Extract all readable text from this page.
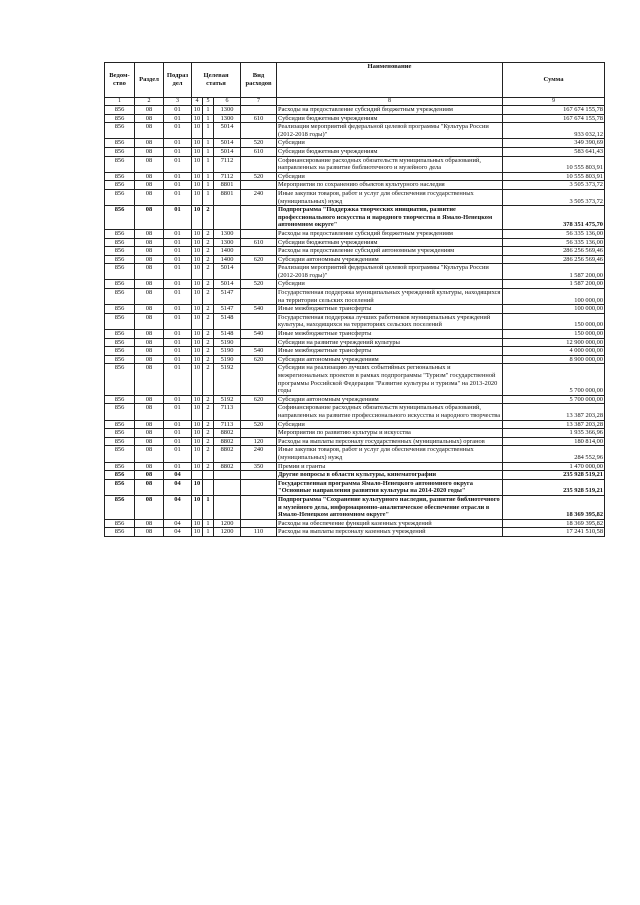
Ведом-ство	Раздел	Подраз дел	Целевая статья			Вид расходов	Наименование	Сумма
1	2	3	4	5	6	7	8	9
856	08	01	10	1	1300		Расходы на предоставление субсидий бюджетным учреждениям	167 674 155,78
856	08	01	10	1	1300	610	Субсидии бюджетным учреждениям	167 674 155,78
856	08	01	10	1	5014		Реализация мероприятий федеральной целевой программы "Культура России (2012-2018 годы)"	933 032,12
856	08	01	10	1	5014	520	Субсидии	349 390,69
856	08	01	10	1	5014	610	Субсидии бюджетным учреждениям	583 641,43
856	08	01	10	1	7112		Софинансирование расходных обязательств муниципальных образований, направленных на развитие библиотечного и музейного дела	10 555 803,91
856	08	01	10	1	7112	520	Субсидии	10 555 803,91
856	08	01	10	1	8801		Мероприятия по сохранению объектов культурного наследия	3 505 373,72
856	08	01	10	1	8801	240	Иные закупки товаров, работ и услуг для обеспечения государственных (муниципальных) нужд	3 505 373,72
856	08	01	10	2			Подпрограмма "Поддержка творческих инициатив, развитие профессионального искусства и народного творчества в Ямало-Ненецком автономном округе"	378 351 475,70
856	08	01	10	2	1300		Расходы на предоставление субсидий бюджетным учреждениям	56 335 136,00
856	08	01	10	2	1300	610	Субсидии бюджетным учреждениям	56 335 136,00
856	08	01	10	2	1400		Расходы на предоставление субсидий автономным учреждениям	286 256 569,46
856	08	01	10	2	1400	620	Субсидии автономным учреждениям	286 256 569,46
856	08	01	10	2	5014		Реализация мероприятий федеральной целевой программы "Культура России (2012-2018 годы)"	1 587 200,00
856	08	01	10	2	5014	520	Субсидии	1 587 200,00
856	08	01	10	2	5147		Государственная поддержка муниципальных учреждений культуры, находящихся на территории сельских поселений	100 000,00
856	08	01	10	2	5147	540	Иные межбюджетные трансферты	100 000,00
856	08	01	10	2	5148		Государственная поддержка лучших работников муниципальных учреждений культуры, находящихся на территориях сельских поселений	150 000,00
856	08	01	10	2	5148	540	Иные межбюджетные трансферты	150 000,00
856	08	01	10	2	5190		Субсидии на развитие учреждений культуры	12 900 000,00
856	08	01	10	2	5190	540	Иные межбюджетные трансферты	4 000 000,00
856	08	01	10	2	5190	620	Субсидии автономным учреждениям	8 900 000,00
856	08	01	10	2	5192		Субсидии на реализацию лучших событийных региональных и межрегиональных проектов в рамках подпрограммы "Туризм" государственной программы Российской Федерации "Развитие культуры и туризма" на 2013-2020 годы	5 700 000,00
856	08	01	10	2	5192	620	Субсидии автономным учреждениям	5 700 000,00
856	08	01	10	2	7113		Софинансирование расходных обязательств муниципальных образований, направленных на развитие профессионального искусства и народного творчества	13 387 203,28
856	08	01	10	2	7113	520	Субсидии	13 387 203,28
856	08	01	10	2	8802		Мероприятия по развитию культуры и искусства	1 935 366,96
856	08	01	10	2	8802	120	Расходы на выплаты персоналу государственных (муниципальных) органов	180 814,00
856	08	01	10	2	8802	240	Иные закупки товаров, работ и услуг для обеспечения государственных (муниципальных) нужд	284 552,96
856	08	01	10	2	8802	350	Премии и гранты	1 470 000,00
856	08	04					Другие вопросы в области культуры, кинематографии	235 928 519,21
856	08	04	10				Государственная программа Ямало-Ненецкого автономного округа "Основные направления развития культуры на 2014-2020 годы"	235 928 519,21
856	08	04	10	1			Подпрограмма "Сохранение культурного наследия, развитие библиотечного и музейного дела, информационно-аналитическое обеспечение отрасли в Ямало-Ненецком автономном округе"	18 369 395,82
856	08	04	10	1	1200		Расходы на обеспечение функций казенных учреждений	18 369 395,82
856	08	04	10	1	1200	110	Расходы на выплаты персоналу казенных учреждений	17 241 510,58
